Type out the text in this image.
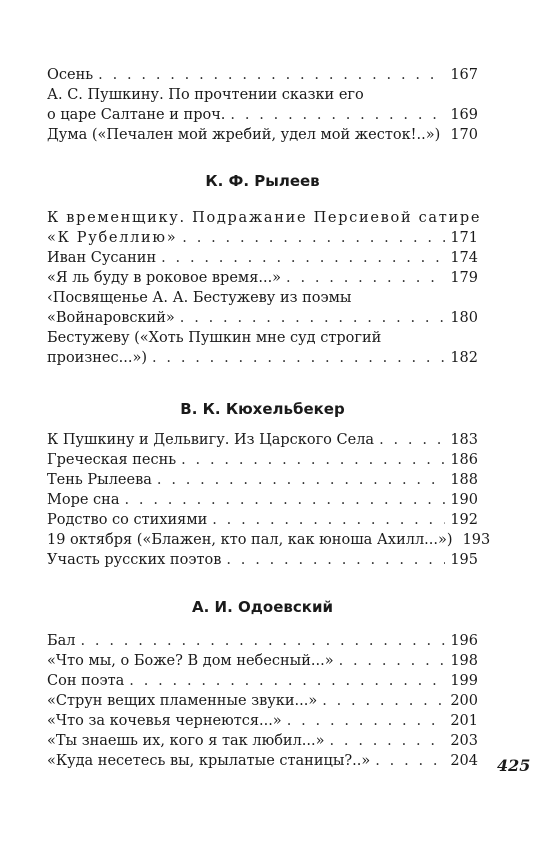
Осень . . .	167
А. С. Пушкину. По прочтении сказки его
о царе Салтане и проч. . . .	169
Дума («Печален мой жребий, удел мой жесток!..») . . . 170
К. Ф. Рылеев
К временщику. Подражание Персиевой сатире
«К Рубеллию» . . .	171
Иван Сусанин . . .	174
«Я ль буду в роковое время...» . . .	179
‹Посвященье А. А. Бестужеву из поэмы
«Войнаровский» . . .	180
Бестужеву («Хоть Пушкин мне суд строгий
произнес...») . . .	182
В. К. Кюхельбекер
К Пушкину и Дельвигу. Из Царского Села . . .	183
Греческая песнь . . .	186
Тень Рылеева . . .	188
Море сна . . .	190
Родство со стихиями . . .	192
19 октября («Блажен, кто пал, как юноша Ахилл...») 193
Участь русских поэтов . . .	195
А. И. Одоевский
Бал . . .	196
«Что мы, о Боже? В дом небесный...» . . .	198
Сон поэта . . .	199
«Струн вещих пламенные звуки...» . . .	200
«Что за кочевья чернеются...» . . .	201
«Ты знаешь их, кого я так любил...» . . .	203
«Куда несетесь вы, крылатые станицы?..» . . .	204 425
